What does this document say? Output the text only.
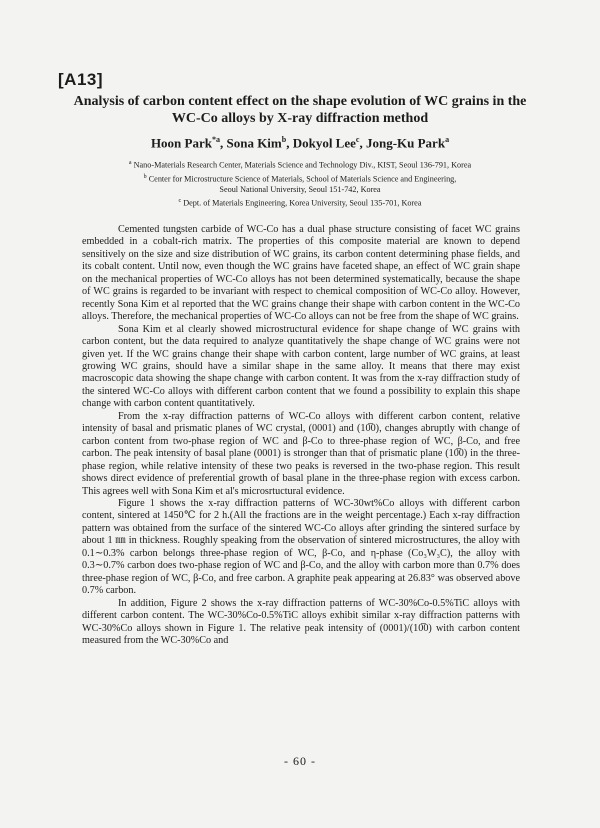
[A13]
Analysis of carbon content effect on the shape evolution of WC grains in the
WC-Co alloys by X-ray diffraction method
Hoon Park$^{*a}$, Sona Kim$^b$, Dokyol Lee$^c$, Jong-Ku Park$^a$
$^a$ Nano-Materials Research Center, Materials Science and Technology Div., KIST, Seoul 136-791, Korea
$^b$ Center for Microstructure Science of Materials, School of Materials Science and Engineering,
Seoul National University, Seoul 151-742, Korea
$^c$ Dept. of Materials Engineering, Korea University, Seoul 135-701, Korea

Cemented tungsten carbide of WC-Co has a dual phase structure consisting of facet WC grains embedded in a cobalt-rich matrix. The properties of this composite material are known to depend sensitively on the size and size distribution of WC grains, its carbon content determining phase fields, and its cobalt content. Until now, even though the WC grains have faceted shape, an effect of WC grain shape on the mechanical properties of WC-Co alloys has not been determined systematically, because the shape of WC grains is regarded to be invariant with respect to chemical composition of WC-Co alloy. However, recently Sona Kim et al reported that the WC grains change their shape with carbon content in the WC-Co alloys. Therefore, the mechanical properties of WC-Co alloys can not be free from the shape of WC grains.

Sona Kim et al clearly showed microstructural evidence for shape change of WC grains with carbon content, but the data required to analyze quantitatively the shape change of WC grains were not given yet. If the WC grains change their shape with carbon content, large number of WC grains, at least growing WC grains, should have a similar shape in the same alloy. It means that there may exist macroscopic data showing the shape change with carbon content. It was from the x-ray diffraction study of the sintered WC-Co alloys with different carbon content that we found a possibility to explain this shape change with carbon content quantitatively.

From the x-ray diffraction patterns of WC-Co alloys with different carbon content, relative intensity of basal and prismatic planes of WC crystal, (0001) and (10̅0), changes abruptly with change of carbon content from two-phase region of WC and β-Co to three-phase region of WC, β-Co, and free carbon. The peak intensity of basal plane (0001) is stronger than that of prismatic plane (10̅0) in the three-phase region, while relative intensity of these two peaks is reversed in the two-phase region. This result shows direct evidence of preferential growth of basal plane in the three-phase region with excess carbon. This agrees well with Sona Kim et al's microsrtuctural evidence.

Figure 1 shows the x-ray diffraction patterns of WC-30wt%Co alloys with different carbon content, sintered at 1450℃ for 2 h.(All the fractions are in the weight percentage.) Each x-ray diffraction pattern was obtained from the surface of the sintered WC-Co alloys after grinding the sintered surface by about 1 ㎜ in thickness. Roughly speaking from the observation of sintered microstructures, the alloy with 0.1∼0.3% carbon belongs three-phase region of WC, β-Co, and η-phase (Co₃W₃C), the alloy with 0.3∼0.7% carbon does two-phase region of WC and β-Co, and the alloy with carbon more than 0.7% does three-phase region of WC, β-Co, and free carbon. A graphite peak appearing at 26.83° was observed above 0.7% carbon.

In addition, Figure 2 shows the x-ray diffraction patterns of WC-30%Co-0.5%TiC alloys with different carbon content. The WC-30%Co-0.5%TiC alloys exhibit similar x-ray diffraction patterns with WC-30%Co alloys shown in Figure 1. The relative peak intensity of (0001)/(10̅0) with carbon content measured from the WC-30%Co and

- 60 -
